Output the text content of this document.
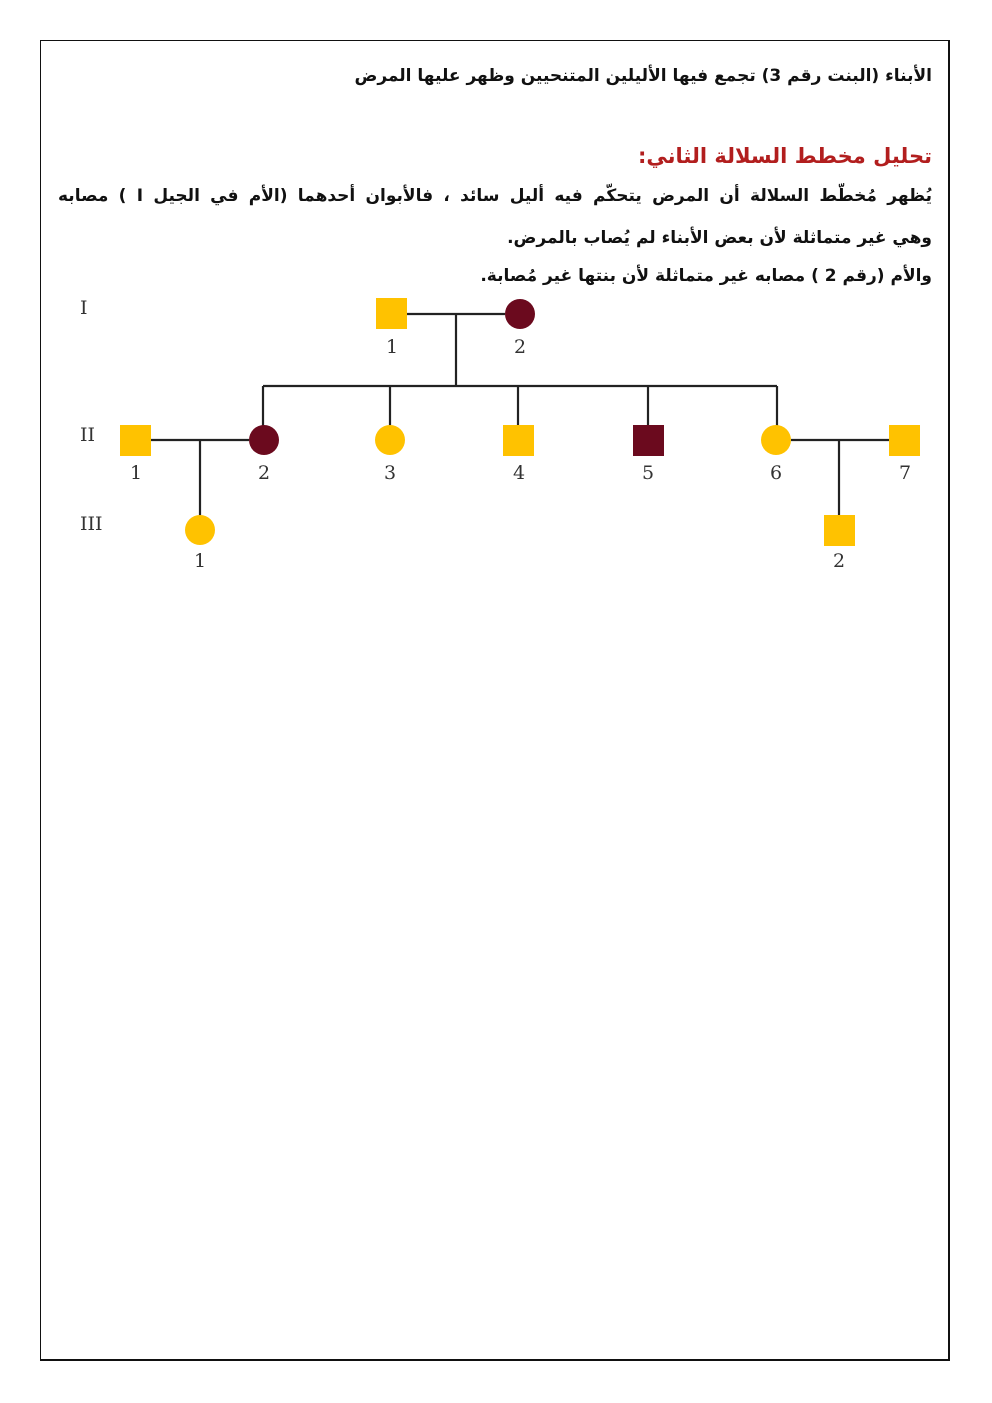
الأبناء (البنت رقم 3) تجمع فيها الأليلين المتنحيين وظهر عليها المرض
تحليل مخطط السلالة الثاني:
يُظهر مُخطّط السلالة أن المرض يتحكّم فيه أليل سائد ، فالأبوان أحدهما (الأم في الجيل I ) مصابه
وهي غير متماثلة لأن بعض الأبناء لم يُصاب بالمرض.
والأم (رقم 2 ) مصابه غير متماثلة لأن بنتها غير مُصابة.
I
II
III
1	2
1	2	3	4	5	6	7
1	2
